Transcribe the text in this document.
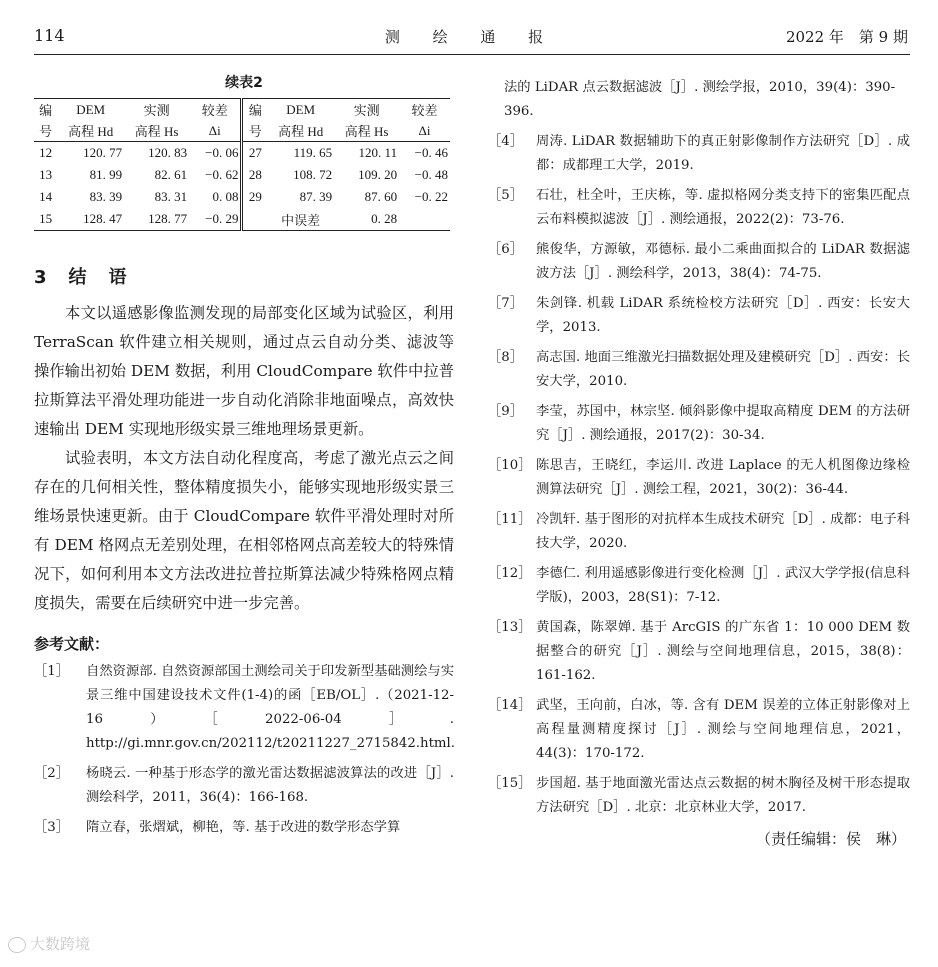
114	测 绘 通 报	2022 年　第 9 期
续表2
编	DEM	实测	较差	编	DEM	实测	较差
号	高程 Hd	高程 Hs	Δi	号	高程 Hd	高程 Hs	Δi
12	120. 77	120. 83	−0. 06	27	119. 65	120. 11	−0. 46
13	81. 99	82. 61	−0. 62	28	108. 72	109. 20	−0. 48
14	83. 39	83. 31	0. 08	29	87. 39	87. 60	−0. 22
15	128. 47	128. 77	−0. 29		中误差	0. 28	
3　结　语

本文以遥感影像监测发现的局部变化区域为试验区，利用 TerraScan 软件建立相关规则，通过点云自动分类、滤波等操作输出初始 DEM 数据，利用 CloudCompare 软件中拉普拉斯算法平滑处理功能进一步自动化消除非地面噪点，高效快速输出 DEM 实现地形级实景三维地理场景更新。

试验表明，本文方法自动化程度高，考虑了激光点云之间存在的几何相关性，整体精度损失小，能够实现地形级实景三维场景快速更新。由于 CloudCompare 软件平滑处理时对所有 DEM 格网点无差别处理，在相邻格网点高差较大的特殊情况下，如何利用本文方法改进拉普拉斯算法减少特殊格网点精度损失，需要在后续研究中进一步完善。

参考文献：
［1］	自然资源部. 自然资源部国土测绘司关于印发新型基础测绘与实景三维中国建设技术文件(1-4)的函［EB/OL］.（2021-12-16）［2022-06-04］. http://gi.mnr.gov.cn/202112/t20211227_2715842.html.
［2］	杨晓云. 一种基于形态学的激光雷达数据滤波算法的改进［J］. 测绘科学，2011，36(4)：166-168.
［3］	隋立春，张熠斌，柳艳，等. 基于改进的数学形态学算
法的 LiDAR 点云数据滤波［J］. 测绘学报，2010，39(4)：390-396.
［4］ 周涛. LiDAR 数据辅助下的真正射影像制作方法研究［D］. 成都：成都理工大学，2019.
［5］ 石壮，杜全叶，王庆栋，等. 虚拟格网分类支持下的密集匹配点云布料模拟滤波［J］. 测绘通报，2022(2)：73-76.
［6］ 熊俊华，方源敏，邓德标. 最小二乘曲面拟合的 LiDAR 数据滤波方法［J］. 测绘科学，2013，38(4)：74-75.
［7］ 朱剑锋. 机载 LiDAR 系统检校方法研究［D］. 西安：长安大学，2013.
［8］ 高志国. 地面三维激光扫描数据处理及建模研究［D］. 西安：长安大学，2010.
［9］ 李莹，苏国中，林宗坚. 倾斜影像中提取高精度 DEM 的方法研究［J］. 测绘通报，2017(2)：30-34.
［10］ 陈思吉，王晓红，李运川. 改进 Laplace 的无人机图像边缘检测算法研究［J］. 测绘工程，2021，30(2)：36-44.
［11］ 冷凯轩. 基于图形的对抗样本生成技术研究［D］. 成都：电子科技大学，2020.
［12］ 李德仁. 利用遥感影像进行变化检测［J］. 武汉大学学报(信息科学版)，2003，28(S1)：7-12.
［13］ 黄国森，陈翠婵. 基于 ArcGIS 的广东省 1：10 000 DEM 数据整合的研究［J］. 测绘与空间地理信息，2015，38(8)：161-162.
［14］ 武坚，王向前，白冰，等. 含有 DEM 误差的立体正射影像对上高程量测精度探讨［J］. 测绘与空间地理信息，2021，44(3)：170-172.
［15］ 步国超. 基于地面激光雷达点云数据的树木胸径及树干形态提取方法研究［D］. 北京：北京林业大学，2017.
（责任编辑：侯　琳）
大数跨境
